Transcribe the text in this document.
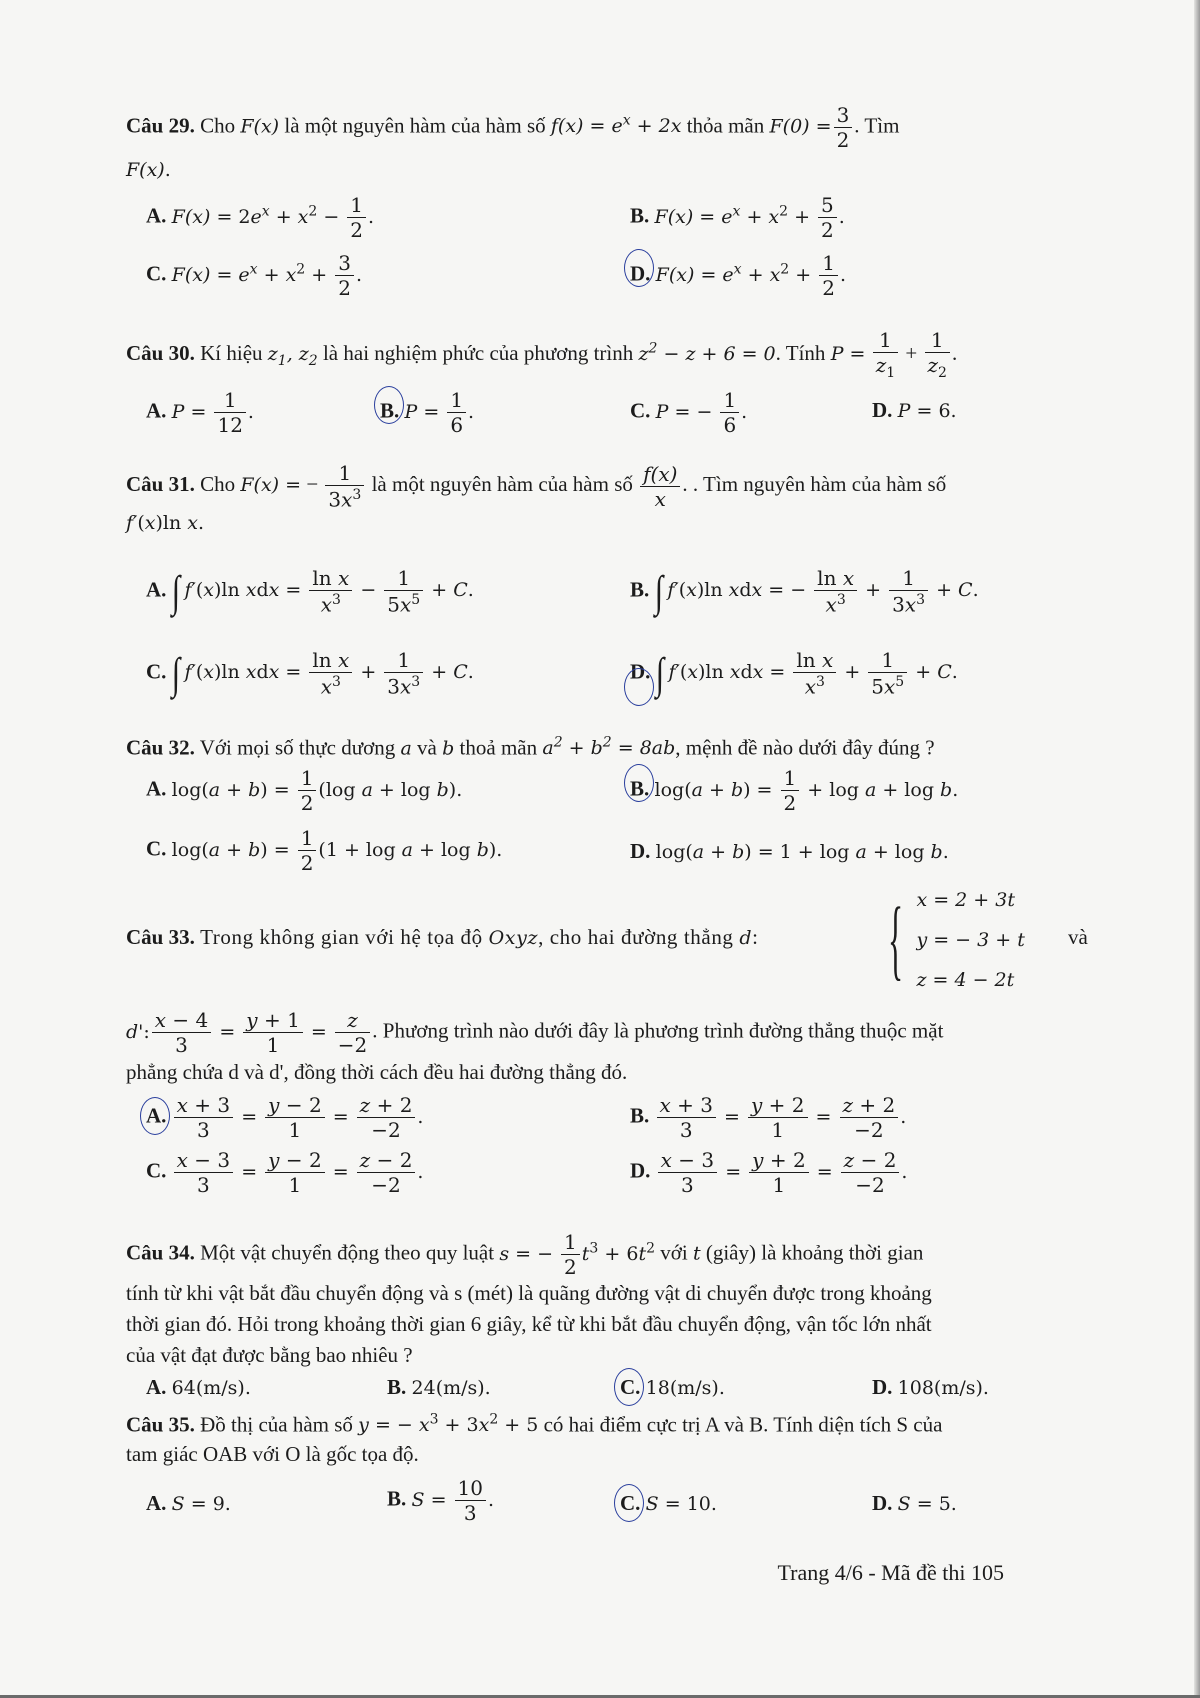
Câu 29. Cho F(x) là một nguyên hàm của hàm số $f(x) = e^x + 2x$ thỏa mãn $F(0) = \frac{3}{2}$ . Tìm
F(x).
A. $F(x) = 2e^x + x^2 - \frac{1}{2}$ .	B. $F(x) = e^x + x^2 + \frac{5}{2}$ .
C. $F(x) = e^x + x^2 + \frac{3}{2}$ .	D. $F(x) = e^x + x^2 + \frac{1}{2}$ .
Câu 30. Kí hiệu $z_1$, $z_2$ là hai nghiệm phức của phương trình $z^2 - z + 6 = 0$. Tính $P = \frac{1}{z_1} + \frac{1}{z_2}$ .
A. $P = \frac{1}{12}$ .	B. $P = \frac{1}{6}$ .	C. P = − $\frac{1}{6}$ .	D. P = 6.
Câu 31. Cho F(x) = − $\frac{1}{3x^3}$ là một nguyên hàm của hàm số $\frac{f(x)}{x}$ . . Tìm nguyên hàm của hàm số
f′(x)ln x.
A. ∫ f′(x)ln xdx = $\frac{\text{ln x}}{x^3} - \frac{1}{5x^5} + C$.	B. ∫ f′(x)ln xdx = − $\frac{\text{ln x}}{x^3} + \frac{1}{3x^3} + C$.
C. ∫ f′(x)ln xdx = $\frac{\text{ln x}}{x^3} + \frac{1}{3x^3} + C$.	D. ∫ f′(x)ln xdx = $\frac{\text{ln x}}{x^3} + \frac{1}{5x^5} + C$.
Câu 32. Với mọi số thực dương a và b thoả mãn $a^2 + b^2 = 8ab$, mệnh đề nào dưới đây đúng ?
A. $\log(a + b) = \frac{1}{2} (\log$ a + log b).	B. $\log(a + b) = \frac{1}{2} + \log a + \log b$.
C. $\log(a + b) = \frac{1}{2} (1 + \log a + \log b)$.	D. log(a + b) = 1 + log a + log b.
Câu 33. Trong không gian với hệ tọa độ Oxyz, cho hai đường thẳng d: { x = 2 + 3t
y = − 3 + t
z = 4 − 2t
và
d': $\frac{x - 4}{3} = \frac{y + 1}{1} = \frac{z}{-2}$ . Phương trình nào dưới đây là phương trình đường thẳng thuộc mặt
phẳng chứa d và d', đồng thời cách đều hai đường thẳng đó.
A. $\frac{x + 3}{3} = \frac{y - 2}{1} = \frac{z + 2}{-2}$ .	B. $\frac{x + 3}{3} = \frac{y + 2}{1} = \frac{z + 2}{-2}$ .
C. $\frac{x - 3}{3} = \frac{y - 2}{1} = \frac{z - 2}{-2}$ .	D. $\frac{x - 3}{3} = \frac{y + 2}{1} = \frac{z - 2}{-2}$ .
Câu 34. Một vật chuyển động theo quy luật s = − $\frac{1}{2} t^3 + 6t^2$ với t (giây) là khoảng thời gian
tính từ khi vật bắt đầu chuyển động và s (mét) là quãng đường vật di chuyển được trong khoảng
thời gian đó. Hỏi trong khoảng thời gian 6 giây, kể từ khi bắt đầu chuyển động, vận tốc lớn nhất
của vật đạt được bằng bao nhiêu ?
A. 64(m/s).	B. 24(m/s).	C. 18(m/s).	D. 108(m/s).
Câu 35. Đồ thị của hàm số y = − $x^3 + 3x^2 + 5$ có hai điểm cực trị A và B. Tính diện tích S của
tam giác OAB với O là gốc tọa độ.
A. S = 9.	B. $S = \frac{10}{3}$ .	C. S = 10.	D. S = 5.
Trang 4/6 - Mã đề thi 105
